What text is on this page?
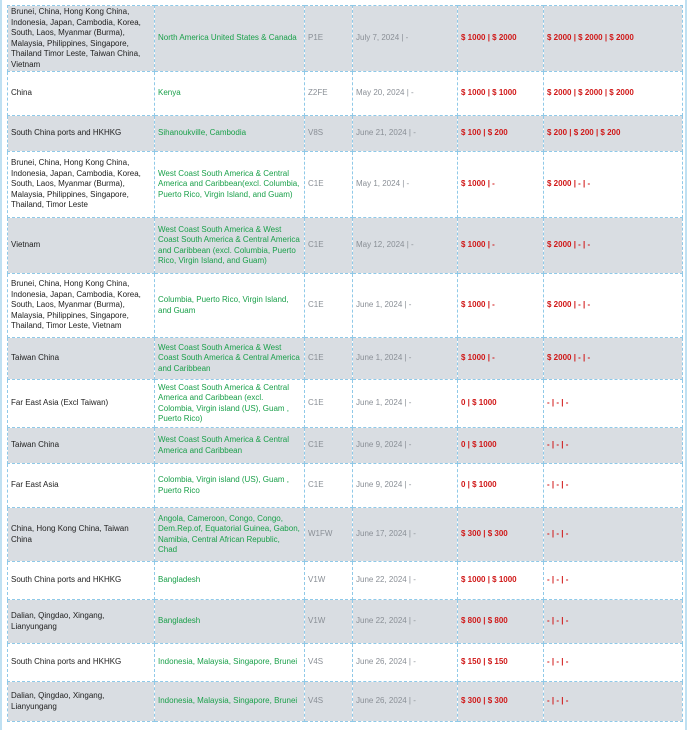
Brunei, China, Hong Kong China, Indonesia, Japan, Cambodia, Korea, South, Laos, Myanmar (Burma), Malaysia, Philippines, Singapore, Thailand Timor Leste, Taiwan China, Vietnam	North America United States & Canada	P1E	July 7, 2024 | -	$ 1000 | $ 2000	$ 2000 | $ 2000 | $ 2000
China	Kenya	Z2FE	May 20, 2024 | -	$ 1000 | $ 1000	$ 2000 | $ 2000 | $ 2000
South China ports and HKHKG	Sihanoukville, Cambodia	V8S	June 21, 2024 | -	$ 100 | $ 200	$ 200 | $ 200 | $ 200
Brunei, China, Hong Kong China, Indonesia, Japan, Cambodia, Korea, South, Laos, Myanmar (Burma), Malaysia, Philippines, Singapore, Thailand, Timor Leste	West Coast South America & Central America and Caribbean(excl. Columbia, Puerto Rico, Virgin Island, and Guam)	C1E	May 1, 2024 | -	$ 1000 | -	$ 2000 | - | -
Vietnam	West Coast South America & West Coast South America & Central America and Caribbean (excl. Columbia, Puerto Rico, Virgin Island, and Guam)	C1E	May 12, 2024 | -	$ 1000 | -	$ 2000 | - | -
Brunei, China, Hong Kong China, Indonesia, Japan, Cambodia, Korea, South, Laos, Myanmar (Burma), Malaysia, Philippines, Singapore, Thailand, Timor Leste, Vietnam	Columbia, Puerto Rico, Virgin Island, and Guam	C1E	June 1, 2024 | -	$ 1000 | -	$ 2000 | - | -
Taiwan China	West Coast South America & West Coast South America & Central America and Caribbean	C1E	June 1, 2024 | -	$ 1000 | -	$ 2000 | - | -
Far East Asia (Excl Taiwan)	West Coast South America & Central America and Caribbean (excl. Colombia, Virgin island (US), Guam , Puerto Rico)	C1E	June 1, 2024 | -	0 | $ 1000	- | - | -
Taiwan China	West Coast South America & Central America and Caribbean	C1E	June 9, 2024 | -	0 | $ 1000	- | - | -
Far East Asia	Colombia, Virgin island (US), Guam , Puerto Rico	C1E	June 9, 2024 | -	0 | $ 1000	- | - | -
China, Hong Kong China, Taiwan China	Angola, Cameroon, Congo, Congo, Dem.Rep.of, Equatorial Guinea, Gabon, Namibia, Central African Republic, Chad	W1FW	June 17, 2024 | -	$ 300 | $ 300	- | - | -
South China ports and HKHKG	Bangladesh	V1W	June 22, 2024 | -	$ 1000 | $ 1000	- | - | -
Dalian, Qingdao, Xingang, Lianyungang	Bangladesh	V1W	June 22, 2024 | -	$ 800 | $ 800	- | - | -
South China ports and HKHKG	Indonesia, Malaysia, Singapore, Brunei	V4S	June 26, 2024 | -	$ 150 | $ 150	- | - | -
Dalian, Qingdao, Xingang, Lianyungang	Indonesia, Malaysia, Singapore, Brunei	V4S	June 26, 2024 | -	$ 300 | $ 300	- | - | -
